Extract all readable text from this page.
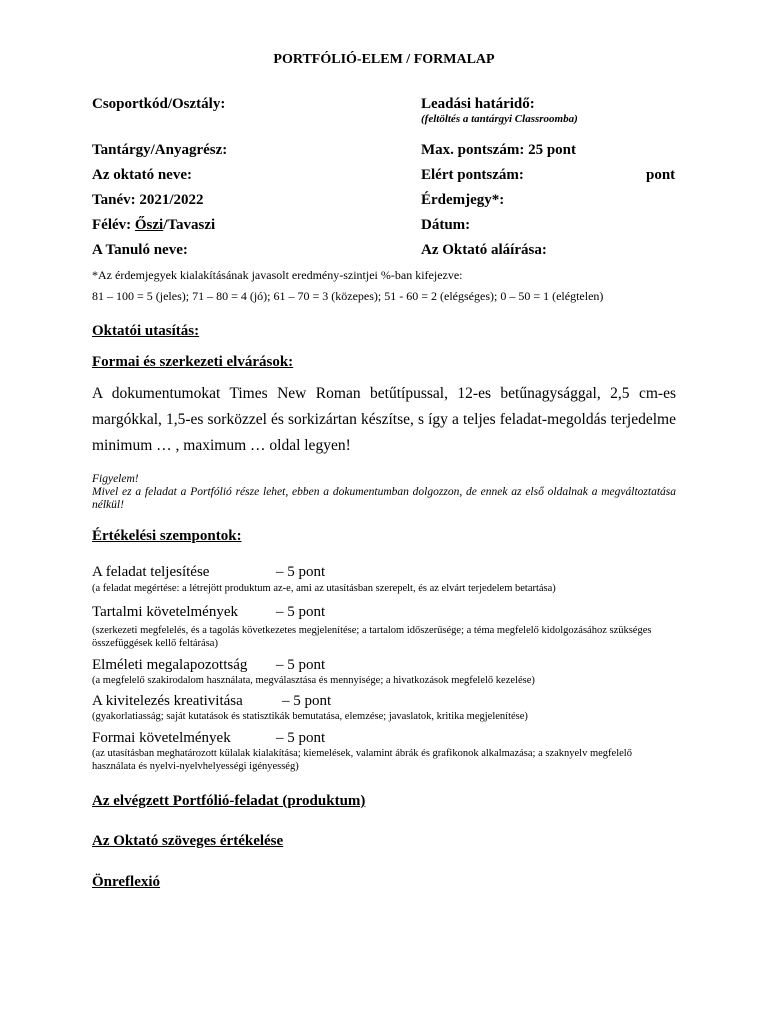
PORTFÓLIÓ-ELEM / FORMALAP
Csoportkód/Osztály:	Leadási határidő:
(feltöltés a tantárgyi Classroomba)
Tantárgy/Anyagrész:	Max. pontszám: 25 pont
Az oktató neve:	Elért pontszám:	pont
Tanév: 2021/2022	Érdemjegy*:
Félév: Őszi/Tavaszi	Dátum:
A Tanuló neve:	Az Oktató aláírása:
*Az érdemjegyek kialakításának javasolt eredmény-szintjei %-ban kifejezve:
81 – 100 = 5 (jeles); 71 – 80 = 4 (jó); 61 – 70 = 3 (közepes); 51 - 60 = 2 (elégséges); 0 – 50 = 1 (elégtelen)
Oktatói utasítás:
Formai és szerkezeti elvárások:
A dokumentumokat Times New Roman betűtípussal, 12-es betűnagysággal, 2,5 cm-es margókkal, 1,5-es sorközzel és sorkizártan készítse, s így a teljes feladat-megoldás terjedelme minimum … , maximum … oldal legyen!
Figyelem!
Mivel ez a feladat a Portfólió része lehet, ebben a dokumentumban dolgozzon, de ennek az első oldalnak a megváltoztatása nélkül!
Értékelési szempontok:
A feladat teljesítése	– 5 pont
(a feladat megértése: a létrejött produktum az-e, ami az utasításban szerepelt, és az elvárt terjedelem betartása)
Tartalmi követelmények	– 5 pont
(szerkezeti megfelelés, és a tagolás következetes megjelenítése; a tartalom időszerűsége; a téma megfelelő kidolgozásához szükséges összefüggések kellő feltárása)
Elméleti megalapozottság – 5 pont
(a megfelelő szakirodalom használata, megválasztása és mennyisége; a hivatkozások megfelelő kezelése)
A kivitelezés kreativitása	– 5 pont
(gyakorlatiasság; saját kutatások és statisztikák bemutatása, elemzése; javaslatok, kritika megjelenítése)
Formai követelmények	– 5 pont
(az utasításban meghatározott külalak kialakítása; kiemelések, valamint ábrák és grafikonok alkalmazása; a szaknyelv megfelelő használata és nyelvi-nyelvhelyességi igényesség)
Az elvégzett Portfólió-feladat (produktum)
Az Oktató szöveges értékelése
Önreflexió
